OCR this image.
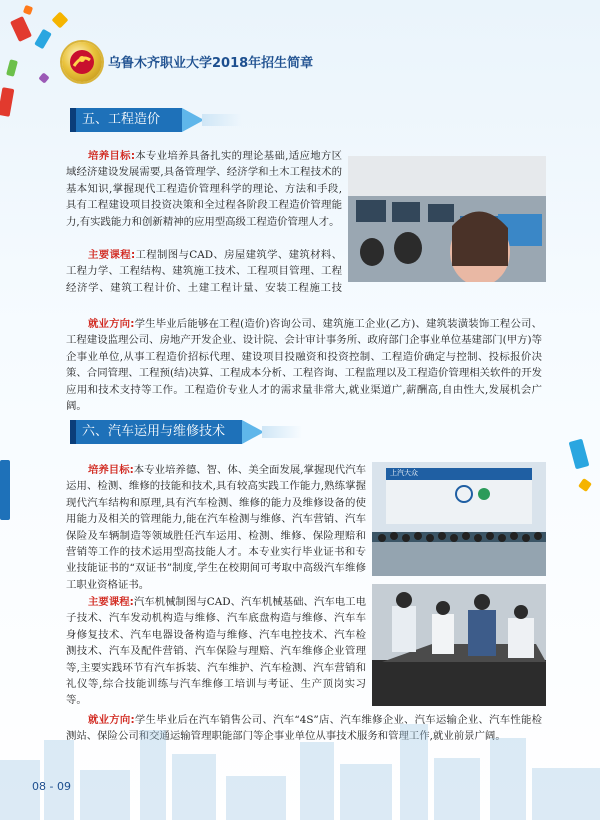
乌鲁木齐职业大学2018年招生简章
五、工程造价

培养目标:本专业培养具备扎实的理论基础,适应地方区域经济建设发展需要,具备管理学、经济学和土木工程技术的基本知识,掌握现代工程造价管理科学的理论、方法和手段,具有工程建设项目投资决策和全过程各阶段工程造价管理能力,有实践能力和创新精神的应用型高级工程造价管理人才。

主要课程:工程制图与CAD、房屋建筑学、建筑材料、工程力学、工程结构、建筑施工技术、工程项目管理、工程经济学、建筑工程计价、土建工程计量、安装工程施工技

就业方向:学生毕业后能够在工程(造价)咨询公司、建筑施工企业(乙方)、建筑装潢装饰工程公司、工程建设监理公司、房地产开发企业、设计院、会计审计事务所、政府部门企事业单位基建部门(甲方)等企事业单位,从事工程造价招标代理、建设项目投融资和投资控制、工程造价确定与控制、投标报价决策、合同管理、工程预(结)决算、工程成本分析、工程咨询、工程监理以及工程造价管理相关软件的开发应用和技术支持等工作。工程造价专业人才的需求量非常大,就业渠道广,薪酬高,自由性大,发展机会广阔。

六、汽车运用与维修技术
上汽大众

培养目标:本专业培养德、智、体、美全面发展,掌握现代汽车运用、检测、维修的技能和技术,具有较高实践工作能力,熟练掌握现代汽车结构和原理,具有汽车检测、维修的能力及维修设备的使用能力及相关的管理能力,能在汽车检测与维修、汽车营销、汽车保险及车辆制造等领域胜任汽车运用、检测、维修、保险理赔和营销等工作的技术运用型高技能人才。本专业实行毕业证书和专业技能证书的“双证书”制度,学生在校期间可考取中高级汽车维修工职业资格证书。

主要课程:汽车机械制图与CAD、汽车机械基础、汽车电工电子技术、汽车发动机构造与维修、汽车底盘构造与维修、汽车车身修复技术、汽车电器设备构造与维修、汽车电控技术、汽车检测技术、汽车及配件营销、汽车保险与理赔、汽车维修企业管理等,主要实践环节有汽车拆装、汽车维护、汽车检测、汽车营销和礼仪等,综合技能训练与汽车维修工培训与考证、生产顶岗实习等。

就业方向:学生毕业后在汽车销售公司、汽车“4S”店、汽车维修企业、汽车运输企业、汽车性能检测站、保险公司和交通运输管理职能部门等企事业单位从事技术服务和管理工作,就业前景广阔。

08 - 09
